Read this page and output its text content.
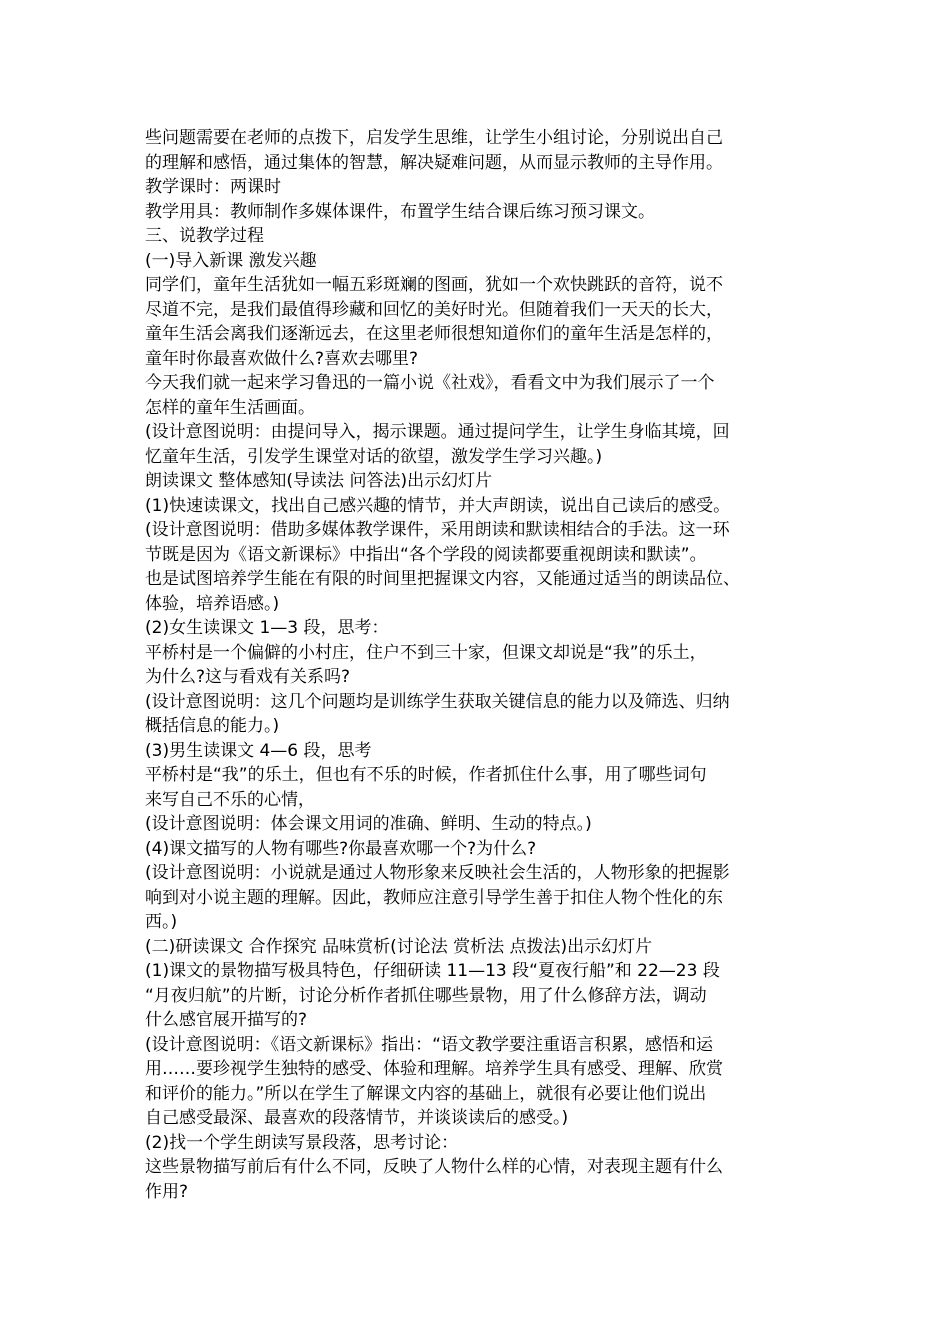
些问题需要在老师的点拨下，启发学生思维，让学生小组讨论，分别说出自己
的理解和感悟，通过集体的智慧，解决疑难问题，从而显示教师的主导作用。
教学课时：两课时
教学用具：教师制作多媒体课件，布置学生结合课后练习预习课文。
三、说教学过程
(一)导入新课 激发兴趣
同学们，童年生活犹如一幅五彩斑斓的图画，犹如一个欢快跳跃的音符，说不
尽道不完，是我们最值得珍藏和回忆的美好时光。但随着我们一天天的长大，
童年生活会离我们逐渐远去，在这里老师很想知道你们的童年生活是怎样的，
童年时你最喜欢做什么?喜欢去哪里?
今天我们就一起来学习鲁迅的一篇小说《社戏》，看看文中为我们展示了一个
怎样的童年生活画面。
(设计意图说明：由提问导入，揭示课题。通过提问学生，让学生身临其境，回
忆童年生活，引发学生课堂对话的欲望，激发学生学习兴趣。)
朗读课文 整体感知(导读法 问答法)出示幻灯片
(1)快速读课文，找出自己感兴趣的情节，并大声朗读，说出自己读后的感受。
(设计意图说明：借助多媒体教学课件，采用朗读和默读相结合的手法。这一环
节既是因为《语文新课标》中指出“各个学段的阅读都要重视朗读和默读”。
也是试图培养学生能在有限的时间里把握课文内容，又能通过适当的朗读品位、
体验，培养语感。)
(2)女生读课文 1—3 段，思考：
平桥村是一个偏僻的小村庄，住户不到三十家，但课文却说是“我”的乐土，
为什么?这与看戏有关系吗?
(设计意图说明：这几个问题均是训练学生获取关键信息的能力以及筛选、归纳
概括信息的能力。)
(3)男生读课文 4—6 段，思考
平桥村是“我”的乐土，但也有不乐的时候，作者抓住什么事，用了哪些词句
来写自己不乐的心情，
(设计意图说明：体会课文用词的准确、鲜明、生动的特点。)
(4)课文描写的人物有哪些?你最喜欢哪一个?为什么?
(设计意图说明：小说就是通过人物形象来反映社会生活的，人物形象的把握影
响到对小说主题的理解。因此，教师应注意引导学生善于扣住人物个性化的东
西。)
(二)研读课文 合作探究 品味赏析(讨论法 赏析法 点拨法)出示幻灯片
(1)课文的景物描写极具特色，仔细研读 11—13 段“夏夜行船”和 22—23 段
“月夜归航”的片断，讨论分析作者抓住哪些景物，用了什么修辞方法，调动
什么感官展开描写的?
(设计意图说明：《语文新课标》指出：“语文教学要注重语言积累，感悟和运
用……要珍视学生独特的感受、体验和理解。培养学生具有感受、理解、欣赏
和评价的能力。”所以在学生了解课文内容的基础上，就很有必要让他们说出
自己感受最深、最喜欢的段落情节，并谈谈读后的感受。)
(2)找一个学生朗读写景段落，思考讨论：
这些景物描写前后有什么不同，反映了人物什么样的心情，对表现主题有什么
作用?
